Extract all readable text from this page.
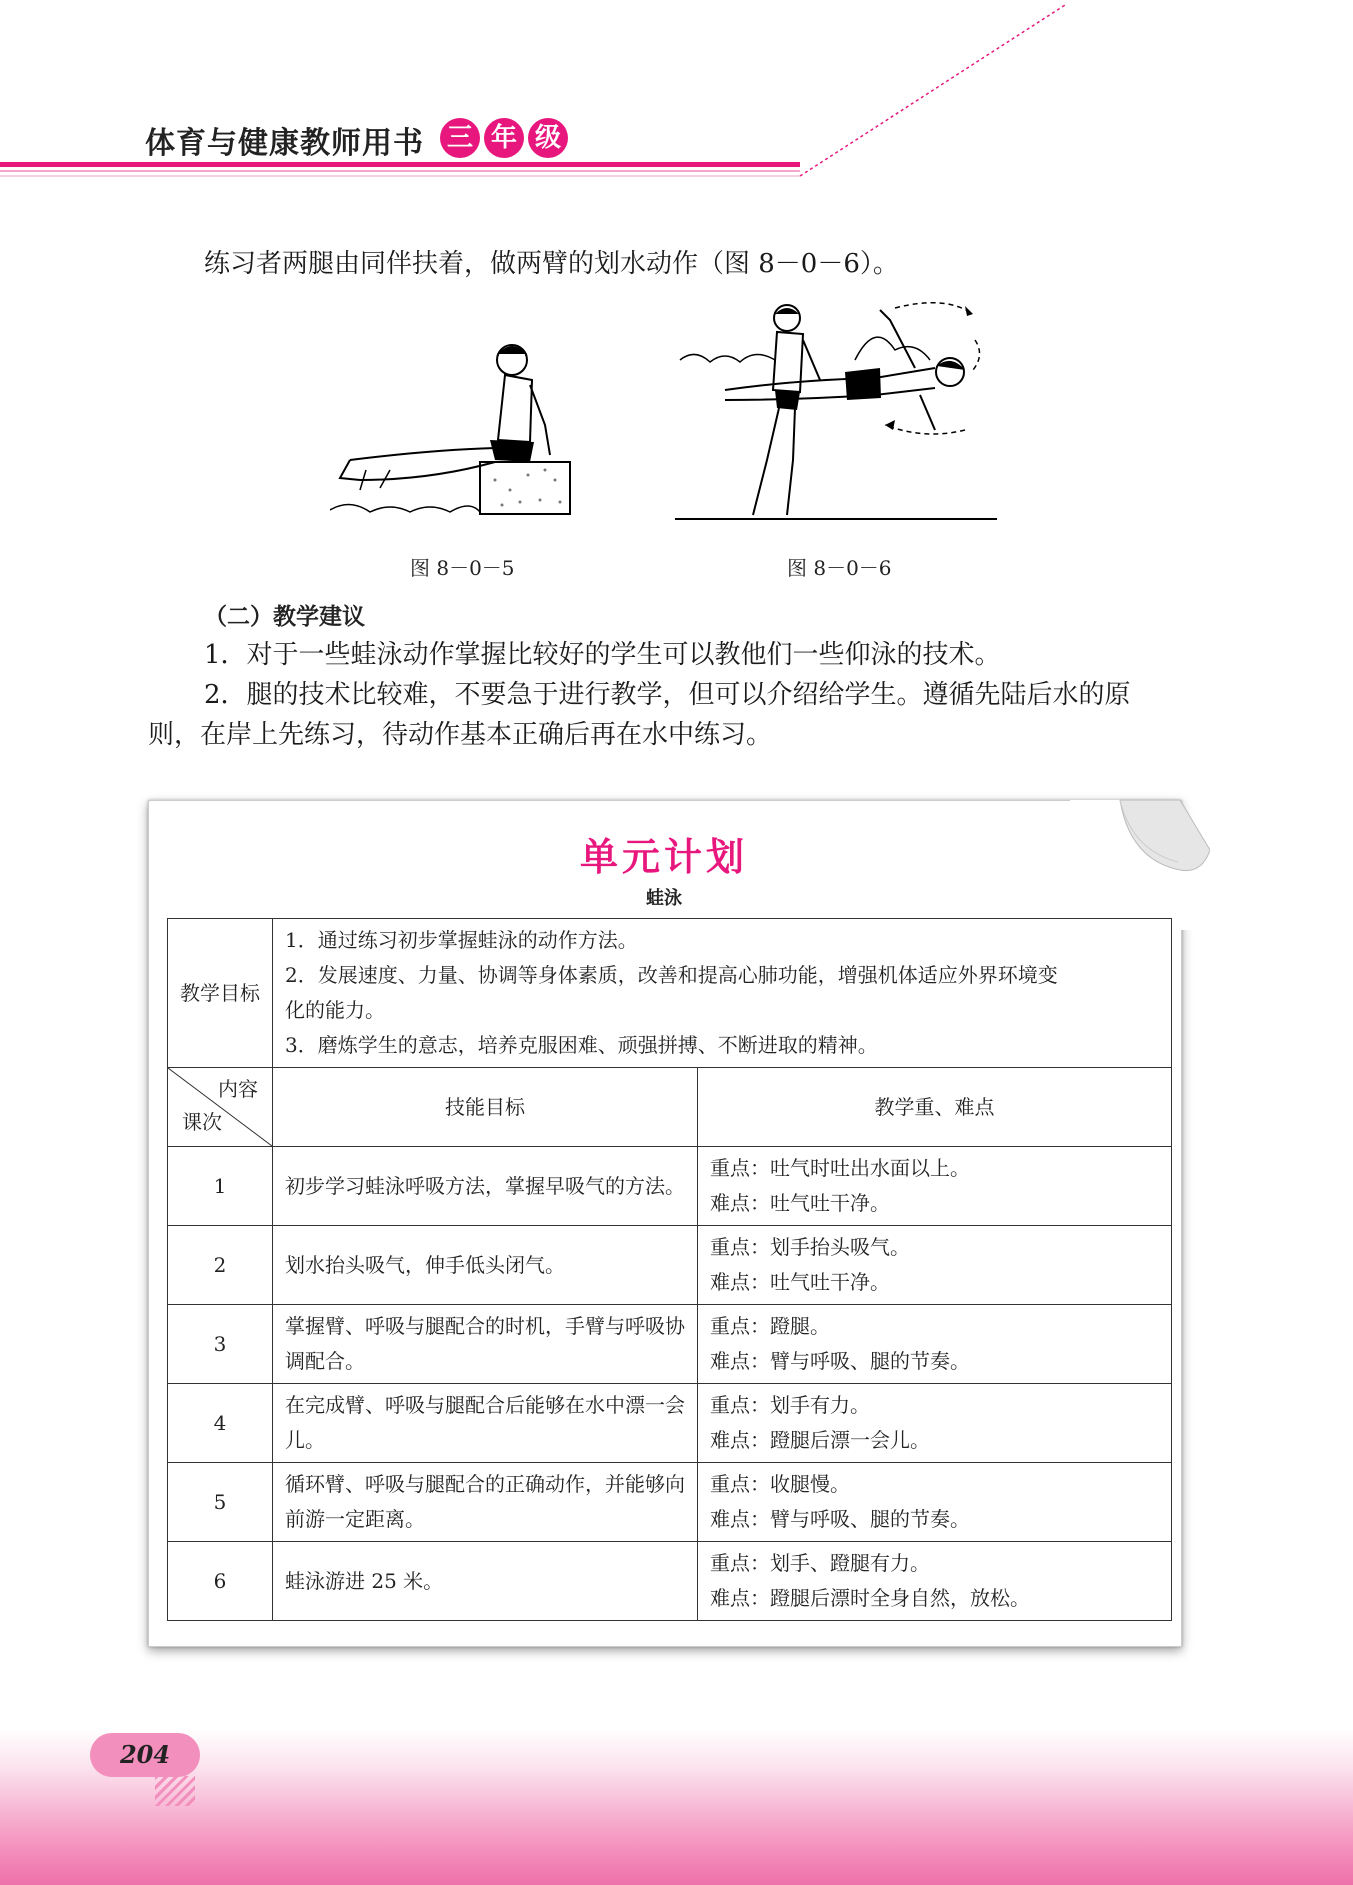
体育与健康教师用书 三 年 级
练习者两腿由同伴扶着，做两臂的划水动作（图 8－0－6）。
图 8－0－5	图 8－0－6
（二）教学建议
1．对于一些蛙泳动作掌握比较好的学生可以教他们一些仰泳的技术。
2．腿的技术比较难，不要急于进行教学，但可以介绍给学生。遵循先陆后水的原
则，在岸上先练习，待动作基本正确后再在水中练习。
单元计划
蛙泳
教学目标	1．通过练习初步掌握蛙泳的动作方法。
2．发展速度、力量、协调等身体素质，改善和提高心肺功能，增强机体适应外界环境变
化的能力。
3．磨炼学生的意志，培养克服困难、顽强拼搏、不断进取的精神。	

内容
课次	技能目标	教学重、难点
1	初步学习蛙泳呼吸方法，掌握早吸气的方法。	重点：吐气时吐出水面以上。
难点：吐气吐干净。

2	划水抬头吸气，伸手低头闭气。	重点：划手抬头吸气。
难点：吐气吐干净。

3	掌握臂、呼吸与腿配合的时机，手臂与呼吸协调配合。	重点：蹬腿。
难点：臂与呼吸、腿的节奏。

4	在完成臂、呼吸与腿配合后能够在水中漂一会儿。	重点：划手有力。
难点：蹬腿后漂一会儿。

5	循环臂、呼吸与腿配合的正确动作，并能够向前游一定距离。	重点：收腿慢。
难点：臂与呼吸、腿的节奏。

6	蛙泳游进 25 米。	重点：划手、蹬腿有力。
难点：蹬腿后漂时全身自然，放松。
204
